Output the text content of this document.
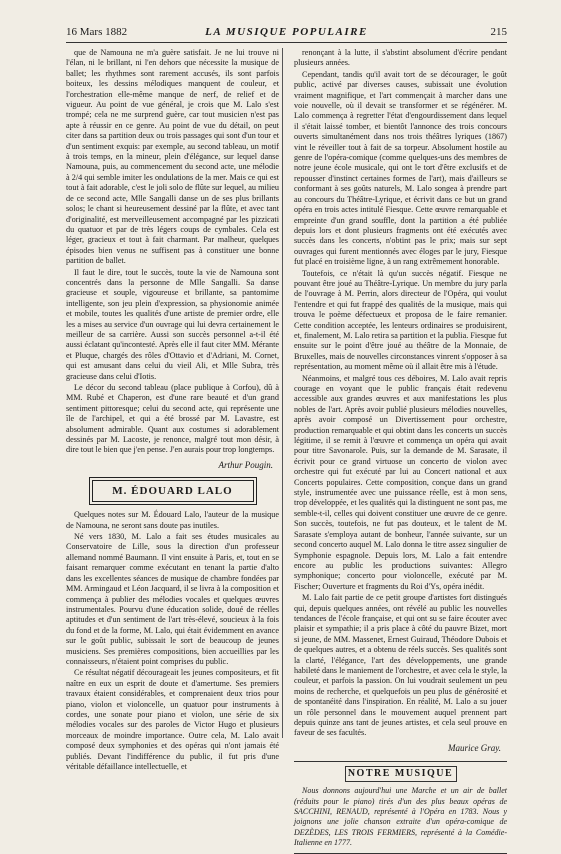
16 Mars 1882	LA MUSIQUE POPULAIRE	215

que de Namouna ne m'a guère satisfait. Je ne lui trouve ni l'élan, ni le brillant, ni l'en dehors que nécessite la musique de ballet; les rhythmes sont rarement accusés, ils sont parfois boiteux, les dessins mélodiques manquent de couleur, et l'orchestration elle-même manque de nerf, de relief et de vigueur. Au point de vue général, je crois que M. Lalo s'est trompé; cela ne me surprend guère, car tout musicien n'est pas apte à réussir en ce genre. Au point de vue du détail, on peut citer dans sa partition deux ou trois passages qui sont d'un tour et d'un sentiment exquis: par exemple, au second tableau, un motif à trois temps, en la mineur, plein d'élégance, sur lequel danse Namouna, puis, au commencement du second acte, une mélodie à 2/4 qui semble imiter les ondulations de la mer. Mais ce qui est tout à fait adorable, c'est le joli solo de flûte sur lequel, au milieu de ce second acte, Mlle Sangalli danse un de ses plus brillants solos; le chant si heureusement dessiné par la flûte, et avec tant d'originalité, est merveilleusement accompagné par les pizzicati du quatuor et par de très légers coups de cymbales. Cela est léger, gracieux et tout à fait charmant. Par malheur, quelques épisodes bien venus ne suffisent pas à constituer une bonne partition de ballet.

Il faut le dire, tout le succès, toute la vie de Namouna sont concentrés dans la personne de Mlle Sangalli. Sa danse gracieuse et souple, vigoureuse et brillante, sa pantomime intelligente, son jeu plein d'expression, sa physionomie animée et mobile, toutes les qualités d'une artiste de premier ordre, elle les a mises au service d'un ouvrage qui lui devra certainement le meilleur de sa carrière. Aussi son succès personnel a-t-il été aussi éclatant qu'incontesté. Après elle il faut citer MM. Mérante et Pluque, chargés des rôles d'Ottavio et d'Adriani, M. Cornet, qui est amusant dans celui du vieil Ali, et Mlle Subra, très gracieuse dans celui d'Iotis.

Le décor du second tableau (place publique à Corfou), dû à MM. Rubé et Chaperon, est d'une rare beauté et d'un grand sentiment pittoresque; celui du second acte, qui représente une île de l'archipel, et qui a été brossé par M. Lavastre, est absolument admirable. Quant aux costumes si adorablement dessinés par M. Lacoste, je renonce, malgré tout mon désir, à dire tout le bien que j'en pense. J'en aurais pour trop longtemps.

Arthur Pougin.
M. ÉDOUARD LALO

Quelques notes sur M. Édouard Lalo, l'auteur de la musique de Namouna, ne seront sans doute pas inutiles.

Né vers 1830, M. Lalo a fait ses études musicales au Conservatoire de Lille, sous la direction d'un professeur allemand nommé Baumann. Il vint ensuite à Paris, et, tout en se faisant remarquer comme exécutant en tenant la partie d'alto dans les excellentes séances de musique de chambre fondées par MM. Armingaud et Léon Jacquard, il se livra à la composition et commença à publier des mélodies vocales et quelques œuvres instrumentales. Pourvu d'une éducation solide, doué de réelles aptitudes et d'un sentiment de l'art très-élevé, soucieux à la fois du fond et de la forme, M. Lalo, qui était évidemment en avance sur le goût public, subissait le sort de beaucoup de jeunes musiciens. Ses premières compositions, bien accueillies par les connaisseurs, n'étaient point comprises du public.

Ce résultat négatif décourageait les jeunes compositeurs, et fit naître en eux un esprit de doute et d'amertume. Ses premiers travaux étaient considérables, et comprenaient deux trios pour piano, violon et violoncelle, un quatuor pour instruments à cordes, une sonate pour piano et violon, une série de six mélodies vocales sur des paroles de Victor Hugo et plusieurs morceaux de moindre importance. Outre cela, M. Lalo avait composé deux symphonies et des opéras qui n'ont jamais été publiés. Devant l'indifférence du public, il fut pris d'une véritable défaillance intellectuelle, et

renonçant à la lutte, il s'abstint absolument d'écrire pendant plusieurs années.

Cependant, tandis qu'il avait tort de se décourager, le goût public, activé par diverses causes, subissait une évolution vraiment magnifique, et l'art commençait à marcher dans une voie nouvelle, où il devait se transformer et se régénérer. M. Lalo commença à regretter l'état d'engourdissement dans lequel il s'était laissé tomber, et bientôt l'annonce des trois concours ouverts simultanément dans nos trois théâtres lyriques (1867) vint le réveiller tout à fait de sa torpeur. Absolument hostile au genre de l'opéra-comique (comme quelques-uns des membres de notre jeune école musicale, qui ont le tort d'être exclusifs et de repousser d'instinct certaines formes de l'art), mais d'ailleurs se conformant à ses goûts naturels, M. Lalo songea à prendre part au concours du Théâtre-Lyrique, et écrivit dans ce but un grand opéra en trois actes intitulé Fiesque. Cette œuvre remarquable et empreinte d'un grand souffle, dont la partition a été publiée depuis lors et dont plusieurs fragments ont été exécutés avec succès dans les concerts, n'obtint pas le prix; mais sur sept ouvrages qui furent mentionnés avec éloges par le jury, Fiesque fut placé en troisième ligne, à un rang extrêmement honorable.

Toutefois, ce n'était là qu'un succès négatif. Fiesque ne pouvant être joué au Théâtre-Lyrique. Un membre du jury parla de l'ouvrage à M. Perrin, alors directeur de l'Opéra, qui voulut l'entendre et qui fut frappé des qualités de la musique, mais qui trouva le poème défectueux et proposa de le faire remanier. Cette condition acceptée, les lenteurs ordinaires se produisirent, et, finalement, M. Lalo retira sa partition et la publia. Fiesque fut ensuite sur le point d'être joué au théâtre de la Monnaie, de Bruxelles, mais de nouvelles circonstances vinrent s'opposer à sa représentation, au moment même où il allait être mis à l'étude.

Néanmoins, et malgré tous ces déboires, M. Lalo avait repris courage en voyant que le public français était redevenu accessible aux grandes œuvres et aux manifestations les plus nobles de l'art. Après avoir publié plusieurs mélodies nouvelles, après avoir composé un Divertissement pour orchestre, production remarquable et qui obtint dans les concerts un succès légitime, il se remit à l'œuvre et commença un opéra qui avait pour titre Savonarole. Puis, sur la demande de M. Sarasate, il écrivit pour ce grand virtuose un concerto de violon avec orchestre qui fut exécuté par lui au Concert national et aux Concerts populaires. Cette composition, conçue dans un grand style, instrumentée avec une puissance réelle, est à mon sens, trop développée, et les qualités qui la distinguent ne sont pas, me semble-t-il, celles qui doivent constituer une œuvre de ce genre. Son succès, toutefois, ne fut pas douteux, et le talent de M. Sarasate s'employa autant de bonheur, l'année suivante, sur un second concerto auquel M. Lalo donna le titre assez singulier de Symphonie espagnole. Depuis lors, M. Lalo a fait entendre encore au public les productions suivantes: Allegro symphonique; concerto pour violoncelle, exécuté par M. Fischer; Ouverture et fragments du Roi d'Ys, opéra inédit.

M. Lalo fait partie de ce petit groupe d'artistes fort distingués qui, depuis quelques années, ont révélé au public les nouvelles tendances de l'école française, et qui ont su se faire écouter avec plaisir et sympathie; il a pris place à côté du pauvre Bizet, mort si jeune, de MM. Massenet, Ernest Guiraud, Théodore Dubois et de quelques autres, et a obtenu de réels succès. Ses qualités sont la clarté, l'élégance, l'art des développements, une grande habileté dans le maniement de l'orchestre, et avec cela le style, la couleur, et parfois la passion. On lui voudrait seulement un peu moins de recherche, et quelquefois un peu plus de générosité et de spontanéité dans l'inspiration. En réalité, M. Lalo a su jouer un rôle personnel dans le mouvement auquel prennent part depuis quinze ans tant de jeunes artistes, et cela seul prouve en faveur de ses facultés.

Maurice Gray.
NOTRE MUSIQUE
Nous donnons aujourd'hui une Marche et un air de ballet (réduits pour le piano) tirés d'un des plus beaux opéras de SACCHINI, RENAUD, représenté à l'Opéra en 1783. Nous y joignons une jolie chanson extraite d'un opéra-comique de DEZÈDES, LES TROIS FERMIERS, représenté à la Comédie-Italienne en 1777.
